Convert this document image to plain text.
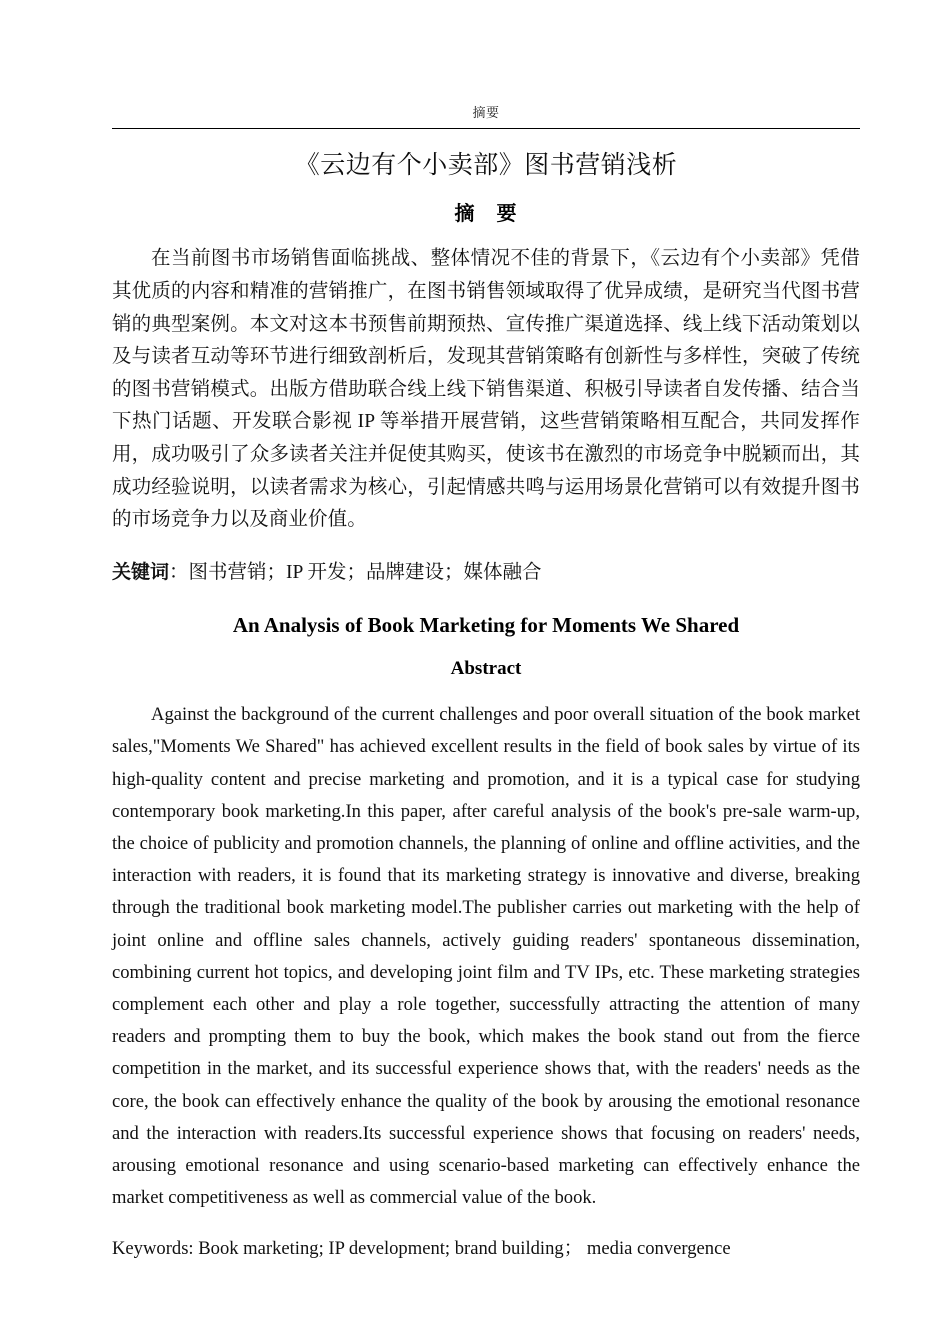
摘要
《云边有个小卖部》图书营销浅析
摘　要

在当前图书市场销售面临挑战、整体情况不佳的背景下，《云边有个小卖部》凭借其优质的内容和精准的营销推广，在图书销售领域取得了优异成绩，是研究当代图书营销的典型案例。本文对这本书预售前期预热、宣传推广渠道选择、线上线下活动策划以及与读者互动等环节进行细致剖析后，发现其营销策略有创新性与多样性，突破了传统的图书营销模式。出版方借助联合线上线下销售渠道、积极引导读者自发传播、结合当下热门话题、开发联合影视 IP 等举措开展营销，这些营销策略相互配合，共同发挥作用，成功吸引了众多读者关注并促使其购买，使该书在激烈的市场竞争中脱颖而出，其成功经验说明，以读者需求为核心，引起情感共鸣与运用场景化营销可以有效提升图书的市场竞争力以及商业价值。

关键词：图书营销；IP 开发；品牌建设；媒体融合

An Analysis of Book Marketing for Moments We Shared
Abstract

Against the background of the current challenges and poor overall situation of the book market sales,"Moments We Shared" has achieved excellent results in the field of book sales by virtue of its high-quality content and precise marketing and promotion, and it is a typical case for studying contemporary book marketing.In this paper, after careful analysis of the book's pre-sale warm-up, the choice of publicity and promotion channels, the planning of online and offline activities, and the interaction with readers, it is found that its marketing strategy is innovative and diverse, breaking through the traditional book marketing model.The publisher carries out marketing with the help of joint online and offline sales channels, actively guiding readers' spontaneous dissemination, combining current hot topics, and developing joint film and TV IPs, etc. These marketing strategies complement each other and play a role together, successfully attracting the attention of many readers and prompting them to buy the book, which makes the book stand out from the fierce competition in the market, and its successful experience shows that, with the readers' needs as the core, the book can effectively enhance the quality of the book by arousing the emotional resonance and the interaction with readers.Its successful experience shows that focusing on readers' needs, arousing emotional resonance and using scenario-based marketing can effectively enhance the market competitiveness as well as commercial value of the book.

Keywords: Book marketing; IP development; brand building； media convergence
